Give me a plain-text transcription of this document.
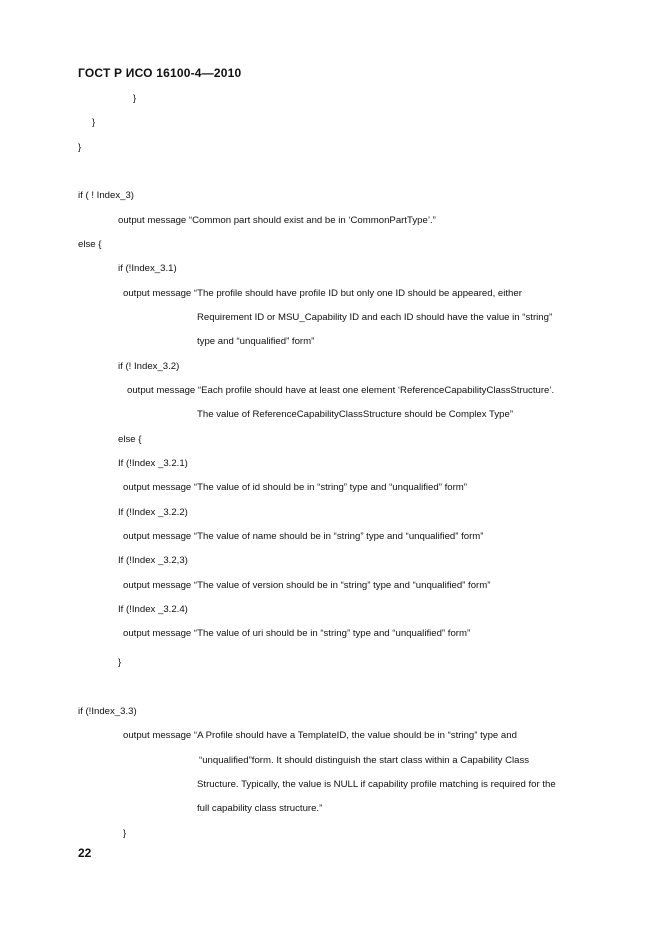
ГОСТ Р ИСО 16100-4—2010
}
}
}
if ( ! Index_3)
output message “Common part should exist and be in ‘CommonPartType’.”
else {
if (!Index_3.1)
output message “The profile should have profile ID but only one ID should be appeared, either
Requirement ID or MSU_Capability ID and each ID should have the value in “string”
type and “unqualified” form”
if (! Index_3.2)
output message “Each profile should have at least one element ‘ReferenceCapabilityClassStructure’.
The value of ReferenceCapabilityClassStructure should be Complex Type”
else {
If (!Index _3.2.1)
output message “The value of id should be in “string” type and “unqualified” form”
If (!Index _3.2.2)
output message “The value of name should be in “string” type and “unqualified” form”
If (!Index _3.2,3)
output message “The value of version should be in “string” type and “unqualified” form”
If (!Index _3.2.4)
output message “The value of uri should be in “string” type and “unqualified” form”
}
if (!Index_3.3)
output message “A Profile should have a TemplateID, the value should be in “string” type and
“unqualified”form. It should distinguish the start class within a Capability Class
Structure. Typically, the value is NULL if capability profile matching is required for the
full capability class structure.”
}
22
